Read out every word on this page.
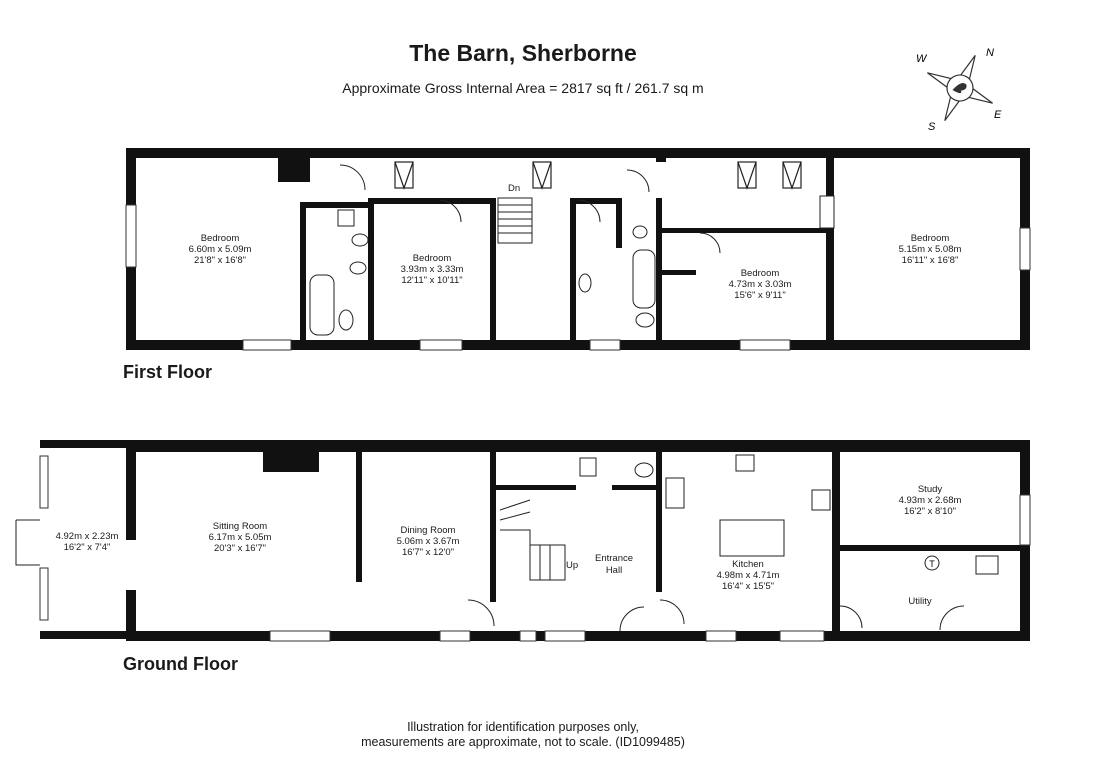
The Barn, Sherborne
Approximate Gross Internal Area = 2817 sq ft / 261.7 sq m
N
E
S
W
T
Bedroom
6.60m x 5.09m
21'8" x 16'8"	Bedroom
3.93m x 3.33m
12'11" x 10'11"
Bedroom
4.73m x 3.03m
15'6" x 9'11"
Bedroom
5.15m x 5.08m
16'11" x 16'8"
Dn
First Floor
4.92m x 2.23m
16'2" x 7'4"
Sitting Room
6.17m x 5.05m
20'3" x 16'7"
Dining Room
5.06m x 3.67m
16'7" x 12'0"
Entrance
Hall
Up	Kitchen
4.98m x 4.71m
16'4" x 15'5"
Study
4.93m x 2.68m
16'2" x 8'10"
Utility
Ground Floor
Illustration for identification purposes only,
measurements are approximate, not to scale. (ID1099485)
